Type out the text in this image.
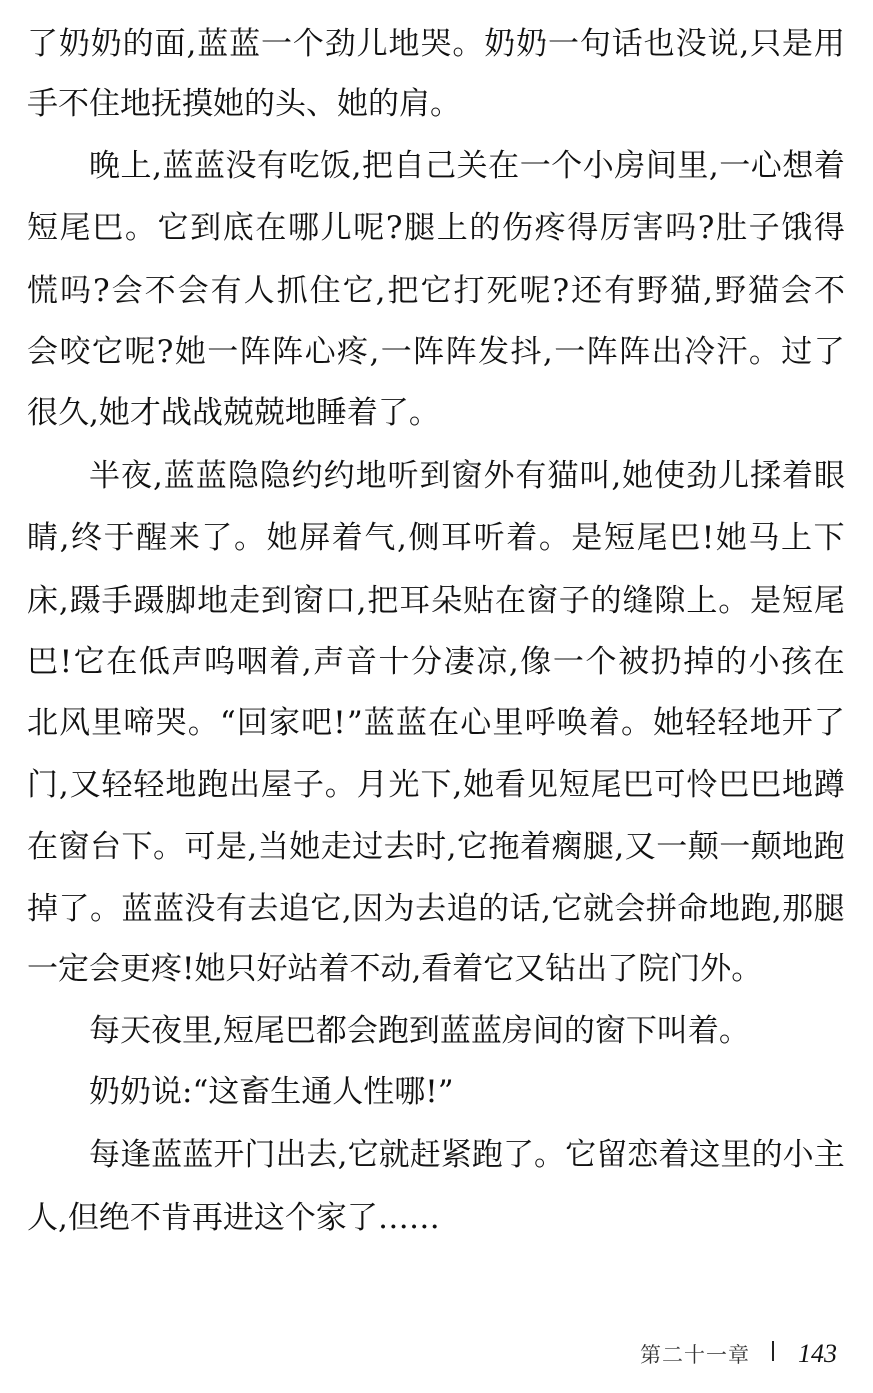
了 奶 奶 的 面 , 蓝 蓝 一 个 劲 儿 地 哭 。 奶 奶 一 句 话 也 没 说 , 只 是 用
手不住地抚摸她的头、她的肩。
晚 上 , 蓝 蓝 没 有 吃 饭 , 把 自 己 关 在 一 个 小 房 间 里 , 一 心 想 着
短 尾 巴 。 它 到 底 在 哪 儿 呢 ? 腿 上 的 伤 疼 得 厉 害 吗 ? 肚 子 饿 得
慌 吗 ? 会 不 会 有 人 抓 住 它 , 把 它 打 死 呢 ? 还 有 野 猫 , 野 猫 会 不
会 咬 它 呢 ? 她 一 阵 阵 心 疼 , 一 阵 阵 发 抖 , 一 阵 阵 出 冷 汗 。 过 了
很久,她才战战兢兢地睡着了。
半 夜 , 蓝 蓝 隐 隐 约 约 地 听 到 窗 外 有 猫 叫 , 她 使 劲 儿 揉 着 眼
睛 , 终 于 醒 来 了 。 她 屏 着 气 , 侧 耳 听 着 。 是 短 尾 巴 ! 她 马 上 下
床 , 蹑 手 蹑 脚 地 走 到 窗 口 , 把 耳 朵 贴 在 窗 子 的 缝 隙 上 。 是 短 尾
巴 ! 它 在 低 声 呜 咽 着 , 声 音 十 分 凄 凉 , 像 一 个 被 扔 掉 的 小 孩 在
北 风 里 啼 哭 。 “ 回 家 吧 ! ” 蓝 蓝 在 心 里 呼 唤 着 。 她 轻 轻 地 开 了
门 , 又 轻 轻 地 跑 出 屋 子 。 月 光 下 , 她 看 见 短 尾 巴 可 怜 巴 巴 地 蹲
在 窗 台 下 。 可 是 , 当 她 走 过 去 时 , 它 拖 着 瘸 腿 , 又 一 颠 一 颠 地 跑
掉 了 。 蓝 蓝 没 有 去 追 它 , 因 为 去 追 的 话 , 它 就 会 拼 命 地 跑 , 那 腿
一定会更疼!她只好站着不动,看着它又钻出了院门外。
每天夜里,短尾巴都会跑到蓝蓝房间的窗下叫着。
奶奶说:“这畜生通人性哪!”
每 逢 蓝 蓝 开 门 出 去 , 它 就 赶 紧 跑 了 。 它 留 恋 着 这 里 的 小 主
人,但绝不肯再进这个家了……
第二十一章 143
